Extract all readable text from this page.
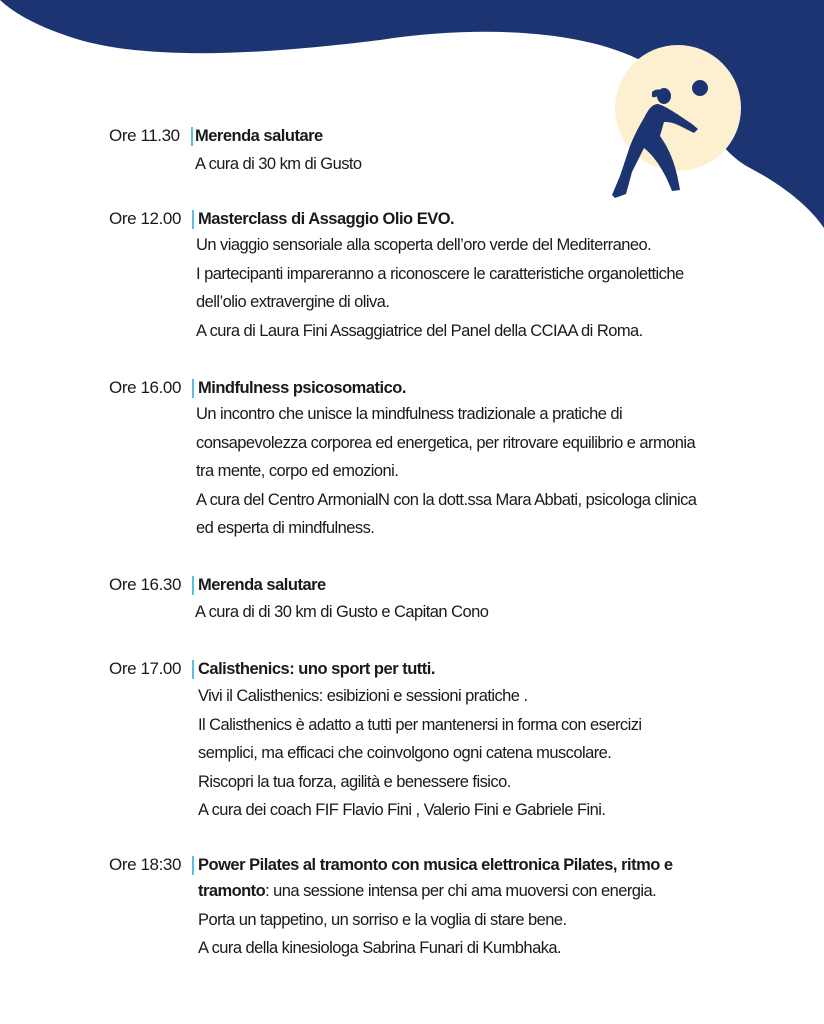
Ore 11.30 Merenda salutare
A cura di 30 km di Gusto
Ore 12.00 Masterclass di Assaggio Olio EVO.
Un viaggio sensoriale alla scoperta dell’oro verde del Mediterraneo.
I partecipanti impareranno a riconoscere le caratteristiche organolettiche
dell’olio extravergine di oliva.
A cura di Laura Fini Assaggiatrice del Panel della CCIAA di Roma.
Ore 16.00 Mindfulness psicosomatico.
Un incontro che unisce la mindfulness tradizionale a pratiche di
consapevolezza corporea ed energetica, per ritrovare equilibrio e armonia
tra mente, corpo ed emozioni.
A cura del Centro ArmonialN con la dott.ssa Mara Abbati, psicologa clinica
ed esperta di mindfulness.
Ore 16.30 Merenda salutare
A cura di di 30 km di Gusto e Capitan Cono
Ore 17.00 Calisthenics: uno sport per tutti.
Vivi il Calisthenics: esibizioni e sessioni pratiche .
Il Calisthenics è adatto a tutti per mantenersi in forma con esercizi
semplici, ma efficaci che coinvolgono ogni catena muscolare.
Riscopri la tua forza, agilità e benessere fisico.
A cura dei coach FIF Flavio Fini , Valerio Fini e Gabriele Fini.
Ore 18:30 Power Pilates al tramonto con musica elettronica Pilates, ritmo e
tramonto: una sessione intensa per chi ama muoversi con energia.
Porta un tappetino, un sorriso e la voglia di stare bene.
A cura della kinesiologa Sabrina Funari di Kumbhaka.
